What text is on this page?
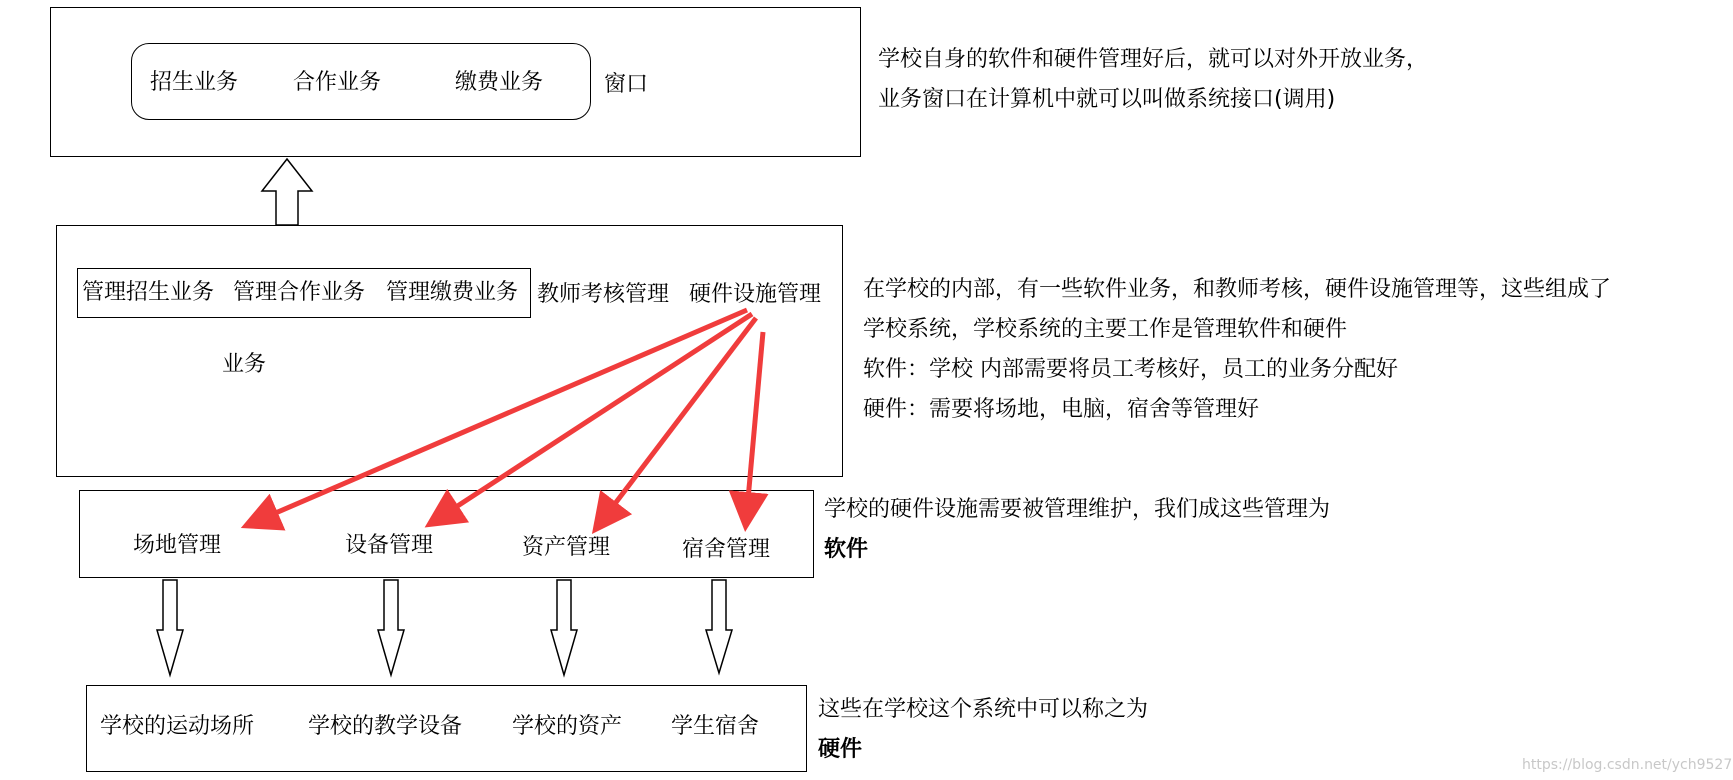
招生业务 合作业务	缴费业务	窗口
学校自身的软件和硬件管理好后，就可以对外开放业务，
业务窗口在计算机中就可以叫做系统接口(调用)
管理招生业务 管理合作业务 管理缴费业务 教师考核管理 硬件设施管理
业务
在学校的内部，有一些软件业务，和教师考核，硬件设施管理等，这些组成了
学校系统，学校系统的主要工作是管理软件和硬件
软件：学校 内部需要将员工考核好，员工的业务分配好
硬件：需要将场地，电脑，宿舍等管理好
场地管理	设备管理	资产管理	宿舍管理
学校的硬件设施需要被管理维护，我们成这些管理为
软件
学校的运动场所 学校的教学设备 学校的资产 学生宿舍
这些在学校这个系统中可以称之为
硬件
https://blog.csdn.net/ych9527
